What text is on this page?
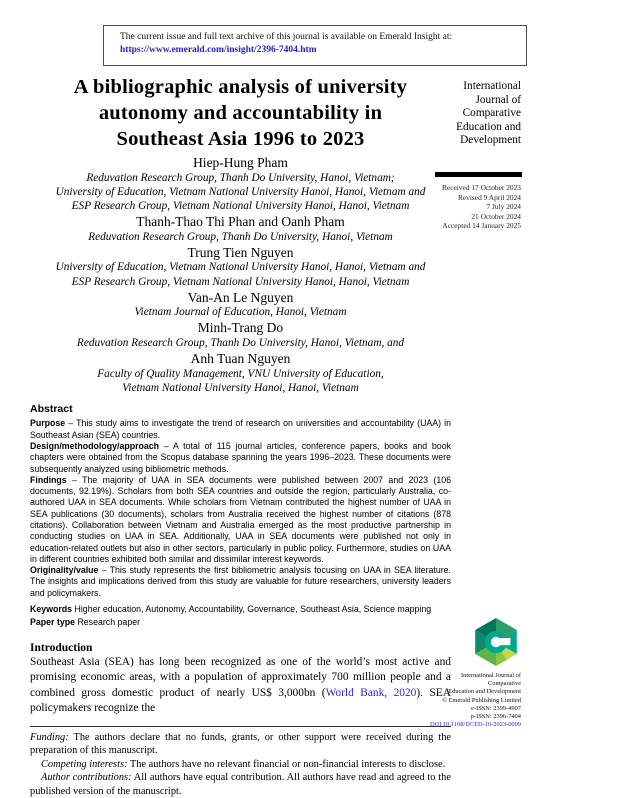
The current issue and full text archive of this journal is available on Emerald Insight at:
https://www.emerald.com/insight/2396-7404.htm
A bibliographic analysis of university
autonomy and accountability in
Southeast Asia 1996 to 2023
Hiep-Hung Pham
Reduvation Research Group, Thanh Do University, Hanoi, Vietnam;
University of Education, Vietnam National University Hanoi, Hanoi, Vietnam and
ESP Research Group, Vietnam National University Hanoi, Hanoi, Vietnam
Thanh-Thao Thi Phan and Oanh Pham
Reduvation Research Group, Thanh Do University, Hanoi, Vietnam
Trung Tien Nguyen
University of Education, Vietnam National University Hanoi, Hanoi, Vietnam and
ESP Research Group, Vietnam National University Hanoi, Hanoi, Vietnam
Van-An Le Nguyen
Vietnam Journal of Education, Hanoi, Vietnam
Minh-Trang Do
Reduvation Research Group, Thanh Do University, Hanoi, Vietnam, and
Anh Tuan Nguyen
Faculty of Quality Management, VNU University of Education,
Vietnam National University Hanoi, Hanoi, Vietnam
Abstract
Purpose – This study aims to investigate the trend of research on universities and accountability (UAA) in Southeast Asian (SEA) countries.
Design/methodology/approach – A total of 115 journal articles, conference papers, books and book chapters were obtained from the Scopus database spanning the years 1996–2023. These documents were subsequently analyzed using bibliometric methods.
Findings – The majority of UAA in SEA documents were published between 2007 and 2023 (106 documents, 92.19%). Scholars from both SEA countries and outside the region, particularly Australia, co-authored UAA in SEA documents. While scholars from Vietnam contributed the highest number of UAA in SEA publications (30 documents), scholars from Australia received the highest number of citations (878 citations). Collaboration between Vietnam and Australia emerged as the most productive partnership in conducting studies on UAA in SEA. Additionally, UAA in SEA documents were published not only in education-related outlets but also in other sectors, particularly in public policy. Furthermore, studies on UAA in different countries exhibited both similar and dissimilar interest keywords.
Originality/value – This study represents the first bibliometric analysis focusing on UAA in SEA literature. The insights and implications derived from this study are valuable for future researchers, university leaders and policymakers.
Keywords Higher education, Autonomy, Accountability, Governance, Southeast Asia, Science mapping
Paper type Research paper
Introduction
Southeast Asia (SEA) has long been recognized as one of the world’s most active and promising economic areas, with a population of approximately 700 million people and a combined gross domestic product of nearly US$ 3,000bn (World Bank, 2020). SEA policymakers recognize the

Funding: The authors declare that no funds, grants, or other support were received during the preparation of this manuscript.

Competing interests: The authors have no relevant financial or non-financial interests to disclose.

Author contributions: All authors have equal contribution. All authors have read and agreed to the published version of the manuscript.

International
Journal of
Comparative
Education and
Development
Received 17 October 2023
Revised 9 April 2024
7 July 2024
21 October 2024
Accepted 14 January 2025
International Journal of Comparative
Education and Development
© Emerald Publishing Limited
e-ISSN: 2399-4907
p-ISSN: 2396-7404
DOI 10.1108/IJCED-10-2023-0099
